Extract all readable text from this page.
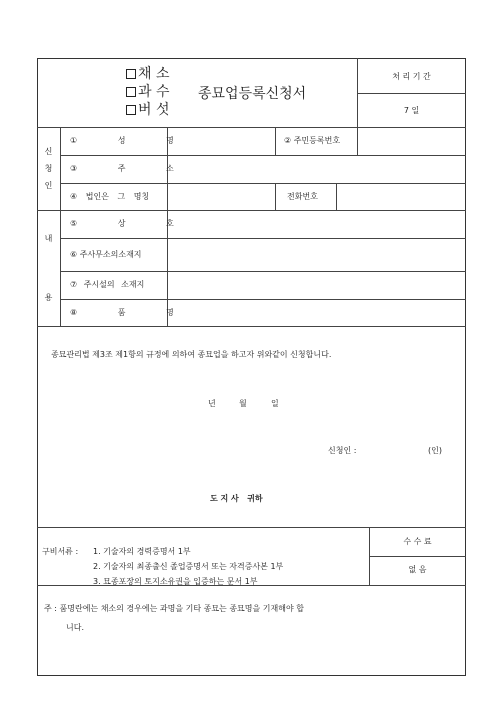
채 소
과 수
버 섯
종묘업등록신청서
처 리 기 간
7 일
신
청
인
내
용
① 성 명	② 주민등록번호
③ 주 소
④ 법인은 그 명칭	전화번호
⑤ 상 호
⑥ 주사무소의소재지
⑦ 주시설의 소재지
⑧ 품 명
종묘관리법 제3조 제1항의 규정에 의하여 종묘업을 하고자 위와같이 신청합니다.
년	월	일
신청인 :	(인)
도 지 사   귀하
수 수 료
없 음
구비서류 : 1. 기술자의 경력증명서 1부
2. 기술자의 최종출신 졸업증명서 또는 자격증사본 1부
3. 묘종포장의 토지소유권을 입증하는 문서 1부
주 : 품명란에는 채소의 경우에는 과명을 기타 종묘는 종묘명을 기재해야 합
니다.
